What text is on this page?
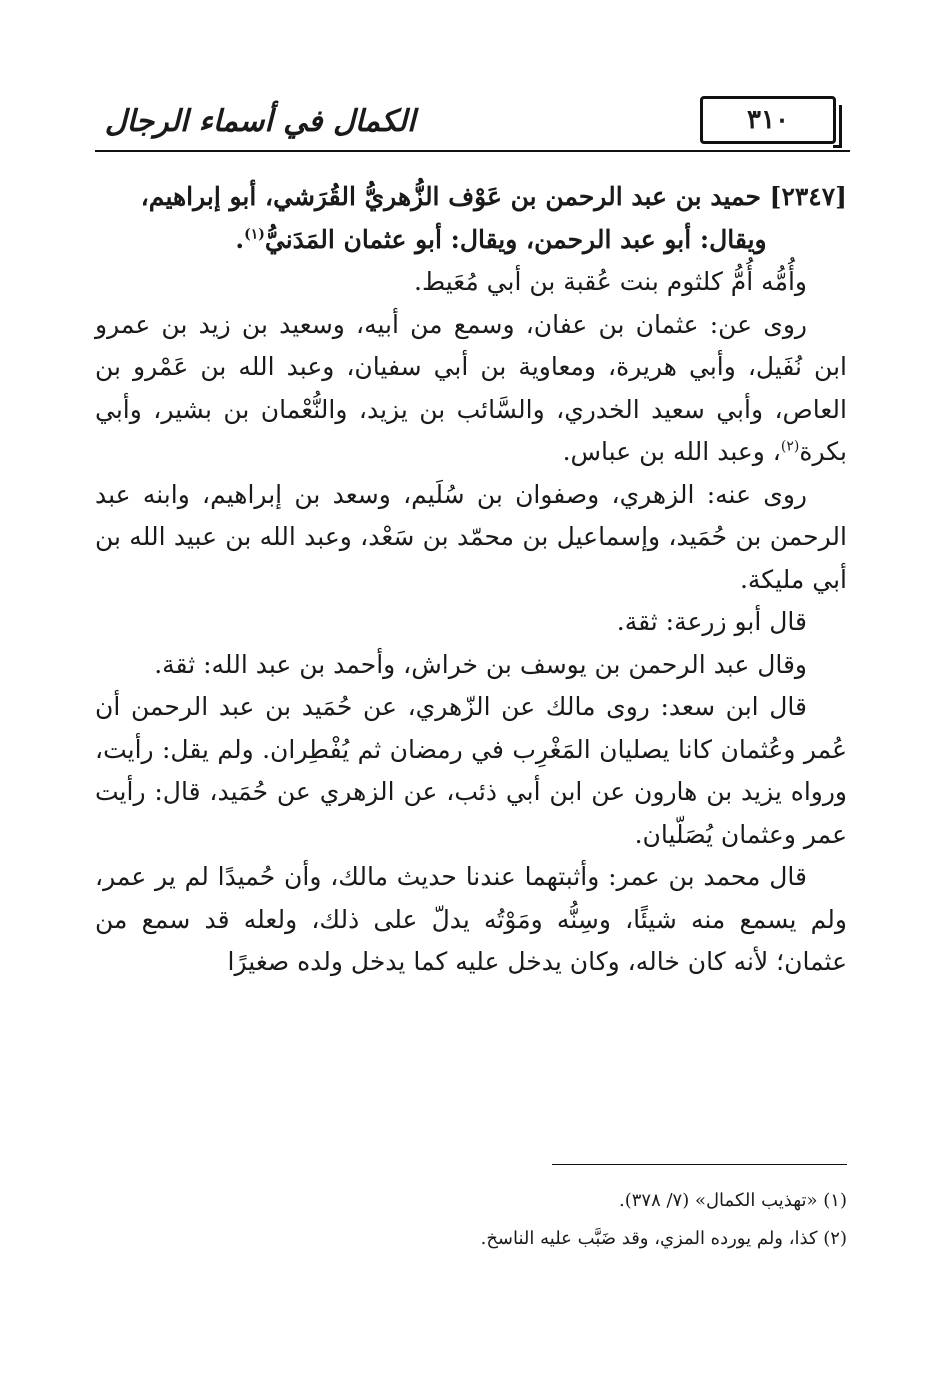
الكمال في أسماء الرجال	٣١٠

[٢٣٤٧] حميد بن عبد الرحمن بن عَوْف الزُّهريُّ القُرَشي، أبو إبراهيم،
ويقال: أبو عبد الرحمن، ويقال: أبو عثمان المَدَنيُّ$^{(١)}$.

وأُمُّه أُمُّ كلثوم بنت عُقبة بن أبي مُعَيط.

روى عن: عثمان بن عفان، وسمع من أبيه، وسعيد بن زيد بن عمرو ابن نُفَيل، وأبي هريرة، ومعاوية بن أبي سفيان، وعبد الله بن عَمْرو بن العاص، وأبي سعيد الخدري، والسَّائب بن يزيد، والنُّعْمان بن بشير، وأبي بكرة$^{(٢)}$، وعبد الله بن عباس.

روى عنه: الزهري، وصفوان بن سُلَيم، وسعد بن إبراهيم، وابنه عبد الرحمن بن حُمَيد، وإسماعيل بن محمّد بن سَعْد، وعبد الله بن عبيد الله بن أبي مليكة.

قال أبو زرعة: ثقة.

وقال عبد الرحمن بن يوسف بن خراش، وأحمد بن عبد الله: ثقة.

قال ابن سعد: روى مالك عن الزّهري، عن حُمَيد بن عبد الرحمن أن عُمر وعُثمان كانا يصليان المَغْرِب في رمضان ثم يُفْطِران. ولم يقل: رأيت، ورواه يزيد بن هارون عن ابن أبي ذئب، عن الزهري عن حُمَيد، قال: رأيت عمر وعثمان يُصَلّيان.

قال محمد بن عمر: وأثبتهما عندنا حديث مالك، وأن حُميدًا لم ير عمر، ولم يسمع منه شيئًا، وسِنُّه ومَوْتُه يدلّ على ذلك، ولعله قد سمع من عثمان؛ لأنه كان خاله، وكان يدخل عليه كما يدخل ولده صغيرًا

(١) «تهذيب الكمال» (٧/ ٣٧٨).
(٢) كذا، ولم يورده المزي، وقد ضَبَّب عليه الناسخ.
